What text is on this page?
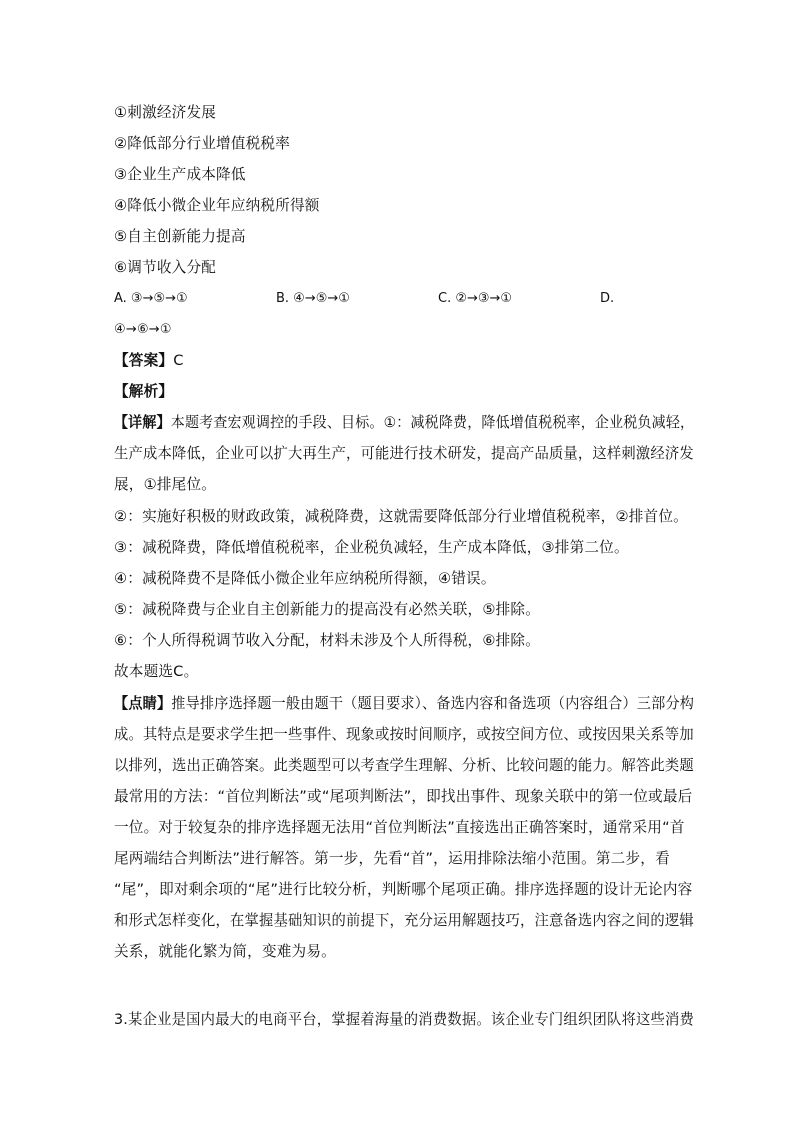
①刺激经济发展
②降低部分行业增值税税率
③企业生产成本降低
④降低小微企业年应纳税所得额
⑤自主创新能力提高
⑥调节收入分配
A. ③→⑤→①	B. ④→⑤→①	C. ②→③→①	D.
④→⑥→①
【答案】C
【解析】
【详解】本题考查宏观调控的手段、目标。①：减税降费，降低增值税税率，企业税负减轻，
生产成本降低，企业可以扩大再生产，可能进行技术研发，提高产品质量，这样刺激经济发
展，①排尾位。
②：实施好积极的财政政策，减税降费，这就需要降低部分行业增值税税率，②排首位。
③：减税降费，降低增值税税率，企业税负减轻，生产成本降低，③排第二位。
④：减税降费不是降低小微企业年应纳税所得额，④错误。
⑤：减税降费与企业自主创新能力的提高没有必然关联，⑤排除。
⑥：个人所得税调节收入分配，材料未涉及个人所得税，⑥排除。
故本题选C。
【点睛】推导排序选择题一般由题干（题目要求）、备选内容和备选项（内容组合）三部分构
成。其特点是要求学生把一些事件、现象或按时间顺序，或按空间方位、或按因果关系等加
以排列，选出正确答案。此类题型可以考查学生理解、分析、比较问题的能力。解答此类题
最常用的方法：“首位判断法”或“尾项判断法”，即找出事件、现象关联中的第一位或最后
一位。对于较复杂的排序选择题无法用“首位判断法”直接选出正确答案时，通常采用“首
尾两端结合判断法”进行解答。第一步，先看“首”，运用排除法缩小范围。第二步，看
“尾”，即对剩余项的“尾”进行比较分析，判断哪个尾项正确。排序选择题的设计无论内容
和形式怎样变化，在掌握基础知识的前提下，充分运用解题技巧，注意备选内容之间的逻辑
关系，就能化繁为简，变难为易。
3.某企业是国内最大的电商平台，掌握着海量的消费数据。该企业专门组织团队将这些消费
